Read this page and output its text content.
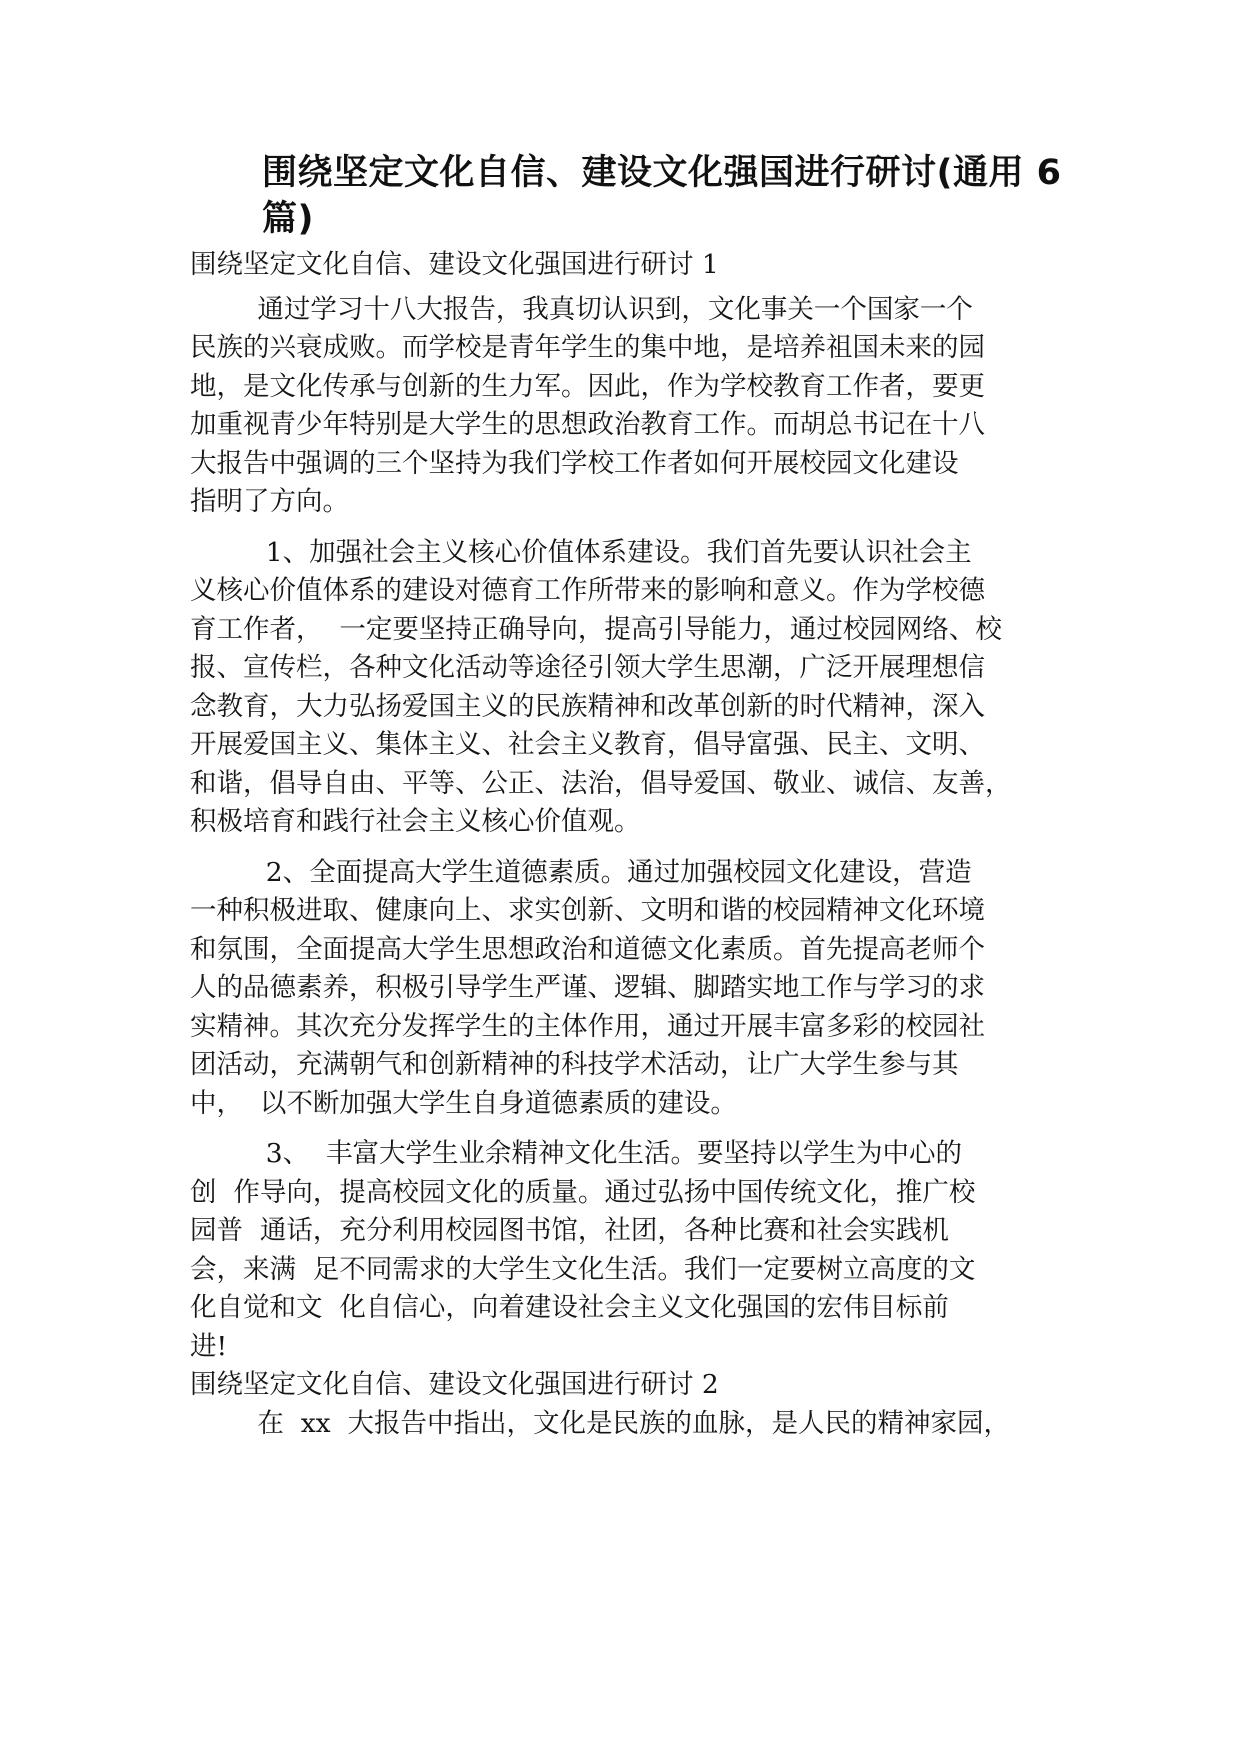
围绕坚定文化自信、建设文化强国进行研讨(通用 6
篇)
围绕坚定文化自信、建设文化强国进行研讨 1
通过学习十八大报告，我真切认识到，文化事关一个国家一个
民族的兴衰成败。而学校是青年学生的集中地，是培养祖国未来的园
地，是文化传承与创新的生力军。因此，作为学校教育工作者，要更
加重视青少年特别是大学生的思想政治教育工作。而胡总书记在十八
大报告中强调的三个坚持为我们学校工作者如何开展校园文化建设
指明了方向。
1、加强社会主义核心价值体系建设。我们首先要认识社会主
义核心价值体系的建设对德育工作所带来的影响和意义。作为学校德
育工作者，  一定要坚持正确导向，提高引导能力，通过校园网络、校
报、宣传栏，各种文化活动等途径引领大学生思潮，广泛开展理想信
念教育，大力弘扬爱国主义的民族精神和改革创新的时代精神，深入
开展爱国主义、集体主义、社会主义教育，倡导富强、民主、文明、
和谐，倡导自由、平等、公正、法治，倡导爱国、敬业、诚信、友善，
积极培育和践行社会主义核心价值观。
2、全面提高大学生道德素质。通过加强校园文化建设，营造
一种积极进取、健康向上、求实创新、文明和谐的校园精神文化环境
和氛围，全面提高大学生思想政治和道德文化素质。首先提高老师个
人的品德素养，积极引导学生严谨、逻辑、脚踏实地工作与学习的求
实精神。其次充分发挥学生的主体作用，通过开展丰富多彩的校园社
团活动，充满朝气和创新精神的科技学术活动，让广大学生参与其
中，  以不断加强大学生自身道德素质的建设。
3、  丰富大学生业余精神文化生活。要坚持以学生为中心的
创  作导向，提高校园文化的质量。通过弘扬中国传统文化，推广校
园普  通话，充分利用校园图书馆，社团，各种比赛和社会实践机
会，来满  足不同需求的大学生文化生活。我们一定要树立高度的文
化自觉和文  化自信心，向着建设社会主义文化强国的宏伟目标前
进!
围绕坚定文化自信、建设文化强国进行研讨 2
在  xx  大报告中指出，文化是民族的血脉，是人民的精神家园，
